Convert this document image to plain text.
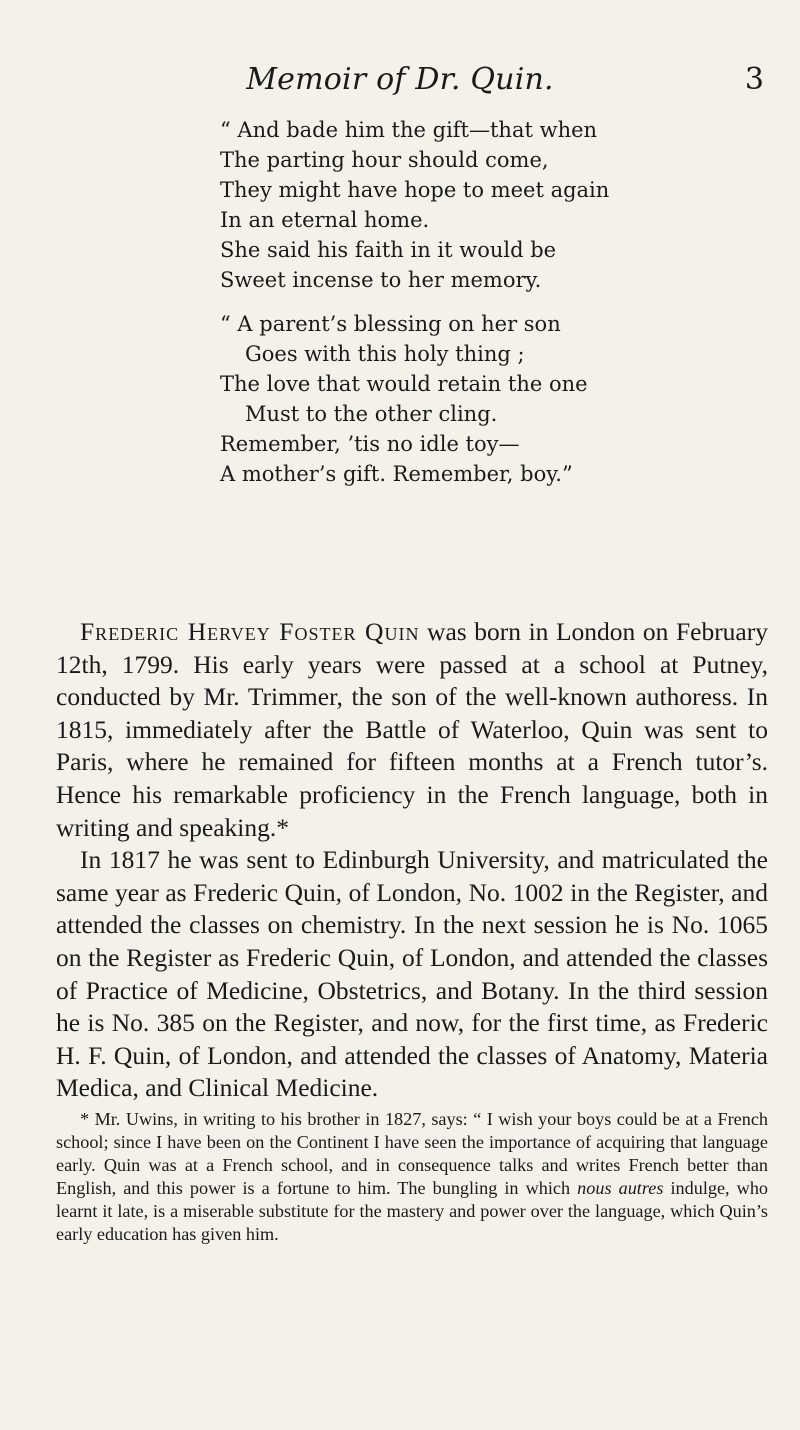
Memoir of Dr. Quin.	3
“ And bade him the gift—that when
The parting hour should come,
They might have hope to meet again
In an eternal home.
She said his faith in it would be
Sweet incense to her memory.
“ A parent’s blessing on her son
Goes with this holy thing ;
The love that would retain the one
Must to the other cling.
Remember, ’tis no idle toy—
A mother’s gift. Remember, boy.”

Frederic Hervey Foster Quin was born in London on February 12th, 1799. His early years were passed at a school at Putney, conducted by Mr. Trimmer, the son of the well-known authoress. In 1815, immediately after the Battle of Waterloo, Quin was sent to Paris, where he remained for fifteen months at a French tutor’s. Hence his remarkable proficiency in the French language, both in writing and speaking.*

In 1817 he was sent to Edinburgh University, and matriculated the same year as Frederic Quin, of London, No. 1002 in the Register, and attended the classes on chemistry. In the next session he is No. 1065 on the Register as Frederic Quin, of London, and attended the classes of Practice of Medicine, Obstetrics, and Botany. In the third session he is No. 385 on the Register, and now, for the first time, as Frederic H. F. Quin, of London, and attended the classes of Anatomy, Materia Medica, and Clinical Medicine.

* Mr. Uwins, in writing to his brother in 1827, says: “ I wish your boys could be at a French school; since I have been on the Continent I have seen the importance of acquiring that language early. Quin was at a French school, and in consequence talks and writes French better than English, and this power is a fortune to him. The bungling in which nous autres indulge, who learnt it late, is a miserable substitute for the mastery and power over the language, which Quin’s early education has given him.
